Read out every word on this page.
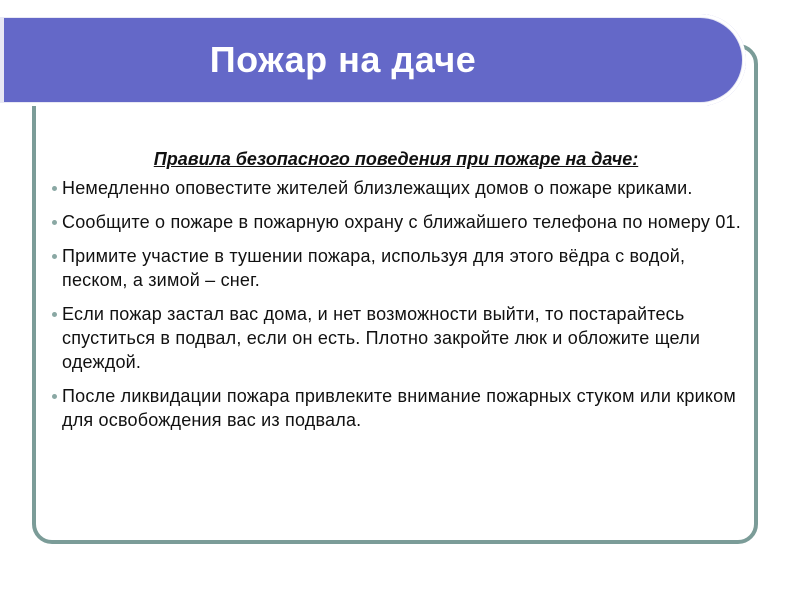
Пожар на даче

Правила безопасного поведения при пожаре на даче:

Немедленно оповестите жителей близлежащих домов о пожаре криками.
Сообщите о пожаре в пожарную охрану с ближайшего телефона по номеру 01.
Примите участие в тушении пожара, используя для этого вёдра с водой, песком, а зимой – снег.
Если пожар застал вас дома, и нет возможности выйти, то постарайтесь спуститься в подвал, если он есть. Плотно закройте люк и обложите щели одеждой.
После ликвидации пожара привлеките внимание пожарных стуком или криком для освобождения вас из подвала.
